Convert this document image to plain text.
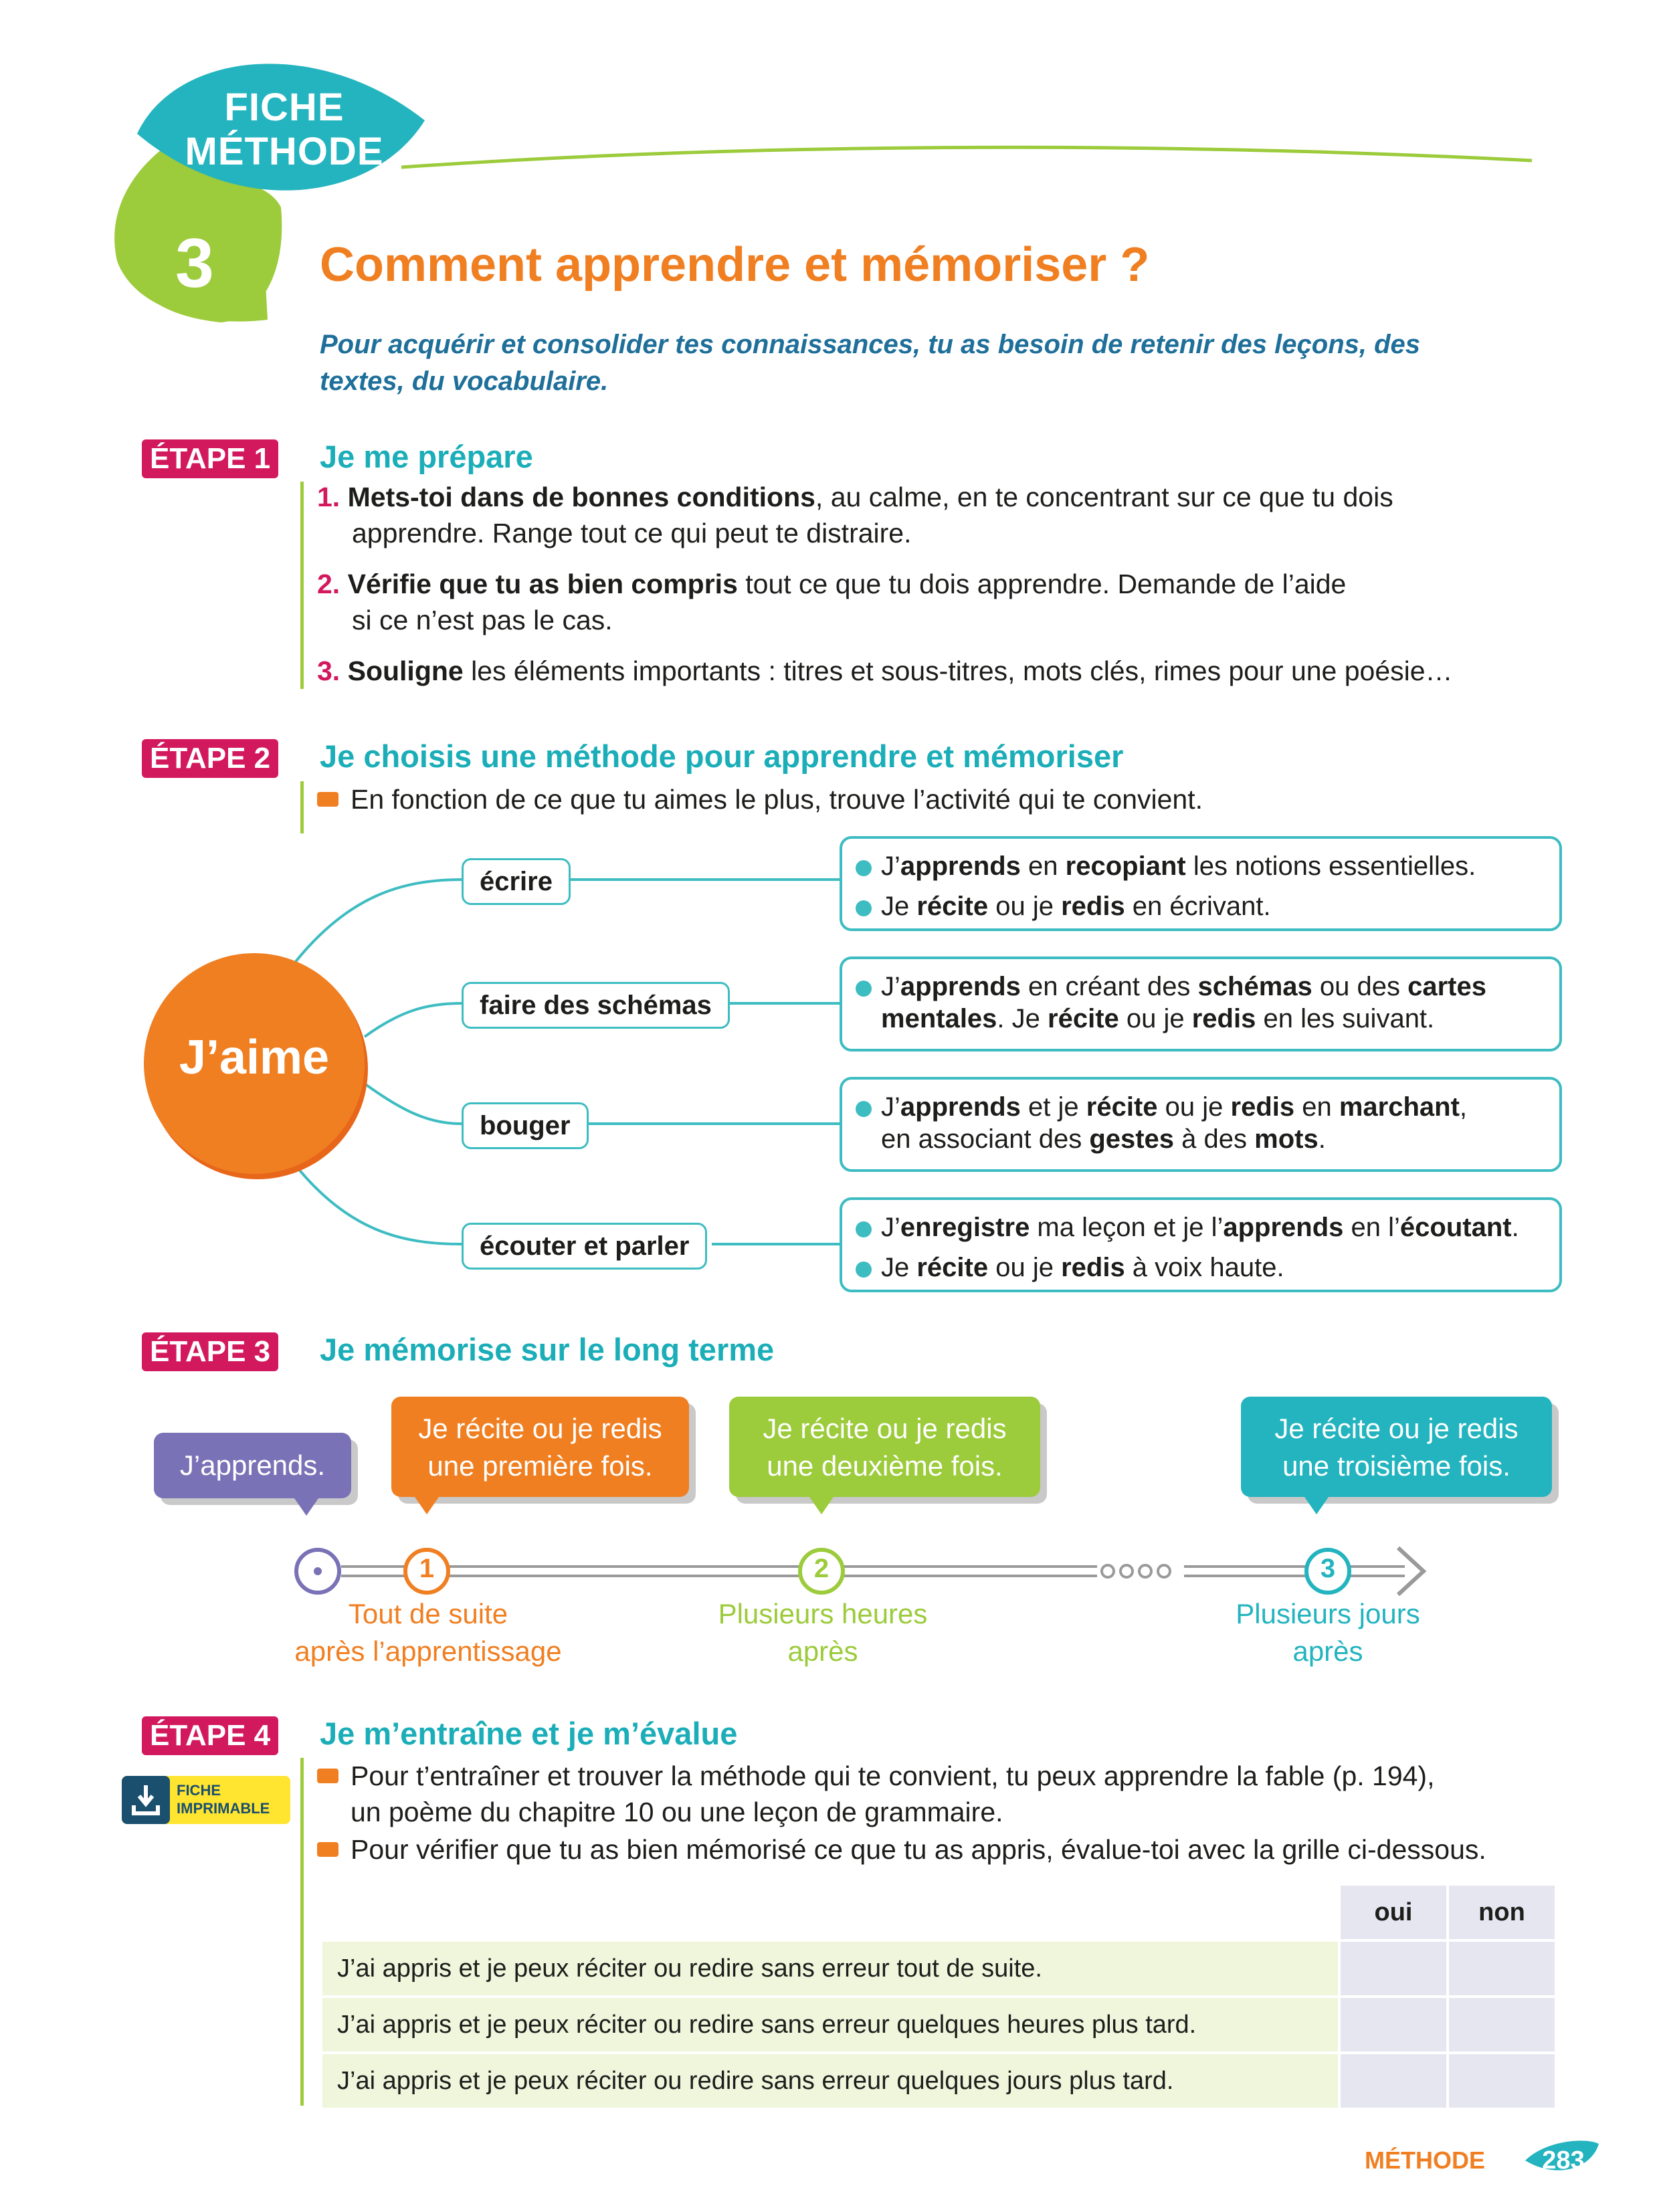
FICHE
MÉTHODE
3 Comment apprendre et mémoriser ?
Pour acquérir et consolider tes connaissances, tu as besoin de retenir des leçons, des textes, du vocabulaire.
ÉTAPE 1 Je me prépare
1. Mets-toi dans de bonnes conditions, au calme, en te concentrant sur ce que tu dois
apprendre. Range tout ce qui peut te distraire.
2. Vérifie que tu as bien compris tout ce que tu dois apprendre. Demande de l’aide
si ce n’est pas le cas.
3. Souligne les éléments importants : titres et sous-titres, mots clés, rimes pour une poésie…
ÉTAPE 2 Je choisis une méthode pour apprendre et mémoriser
En fonction de ce que tu aimes le plus, trouve l’activité qui te convient.
J’aime
écrire
faire des schémas
bouger
écouter et parler
J’apprends en recopiant les notions essentielles.
Je récite ou je redis en écrivant.
J’apprends en créant des schémas ou des cartes
mentales. Je récite ou je redis en les suivant.
J’apprends et je récite ou je redis en marchant,
en associant des gestes à des mots.
J’enregistre ma leçon et je l’apprends en l’écoutant.
Je récite ou je redis à voix haute.
ÉTAPE 3 Je mémorise sur le long terme
J’apprends.
Je récite ou je redis
une première fois.
Je récite ou je redis
une deuxième fois.
Je récite ou je redis
une troisième fois.
1	2	3
Tout de suite
après l’apprentissage
Plusieurs heures
après
Plusieurs jours
après
ÉTAPE 4 Je m’entraîne et je m’évalue
FICHE
IMPRIMABLE
Pour t’entraîner et trouver la méthode qui te convient, tu peux apprendre la fable (p. 194),
un poème du chapitre 10 ou une leçon de grammaire.
Pour vérifier que tu as bien mémorisé ce que tu as appris, évalue-toi avec la grille ci-dessous.
	oui	non
J’ai appris et je peux réciter ou redire sans erreur tout de suite.		
J’ai appris et je peux réciter ou redire sans erreur quelques heures plus tard.		
J’ai appris et je peux réciter ou redire sans erreur quelques jours plus tard.		
MÉTHODE	283
